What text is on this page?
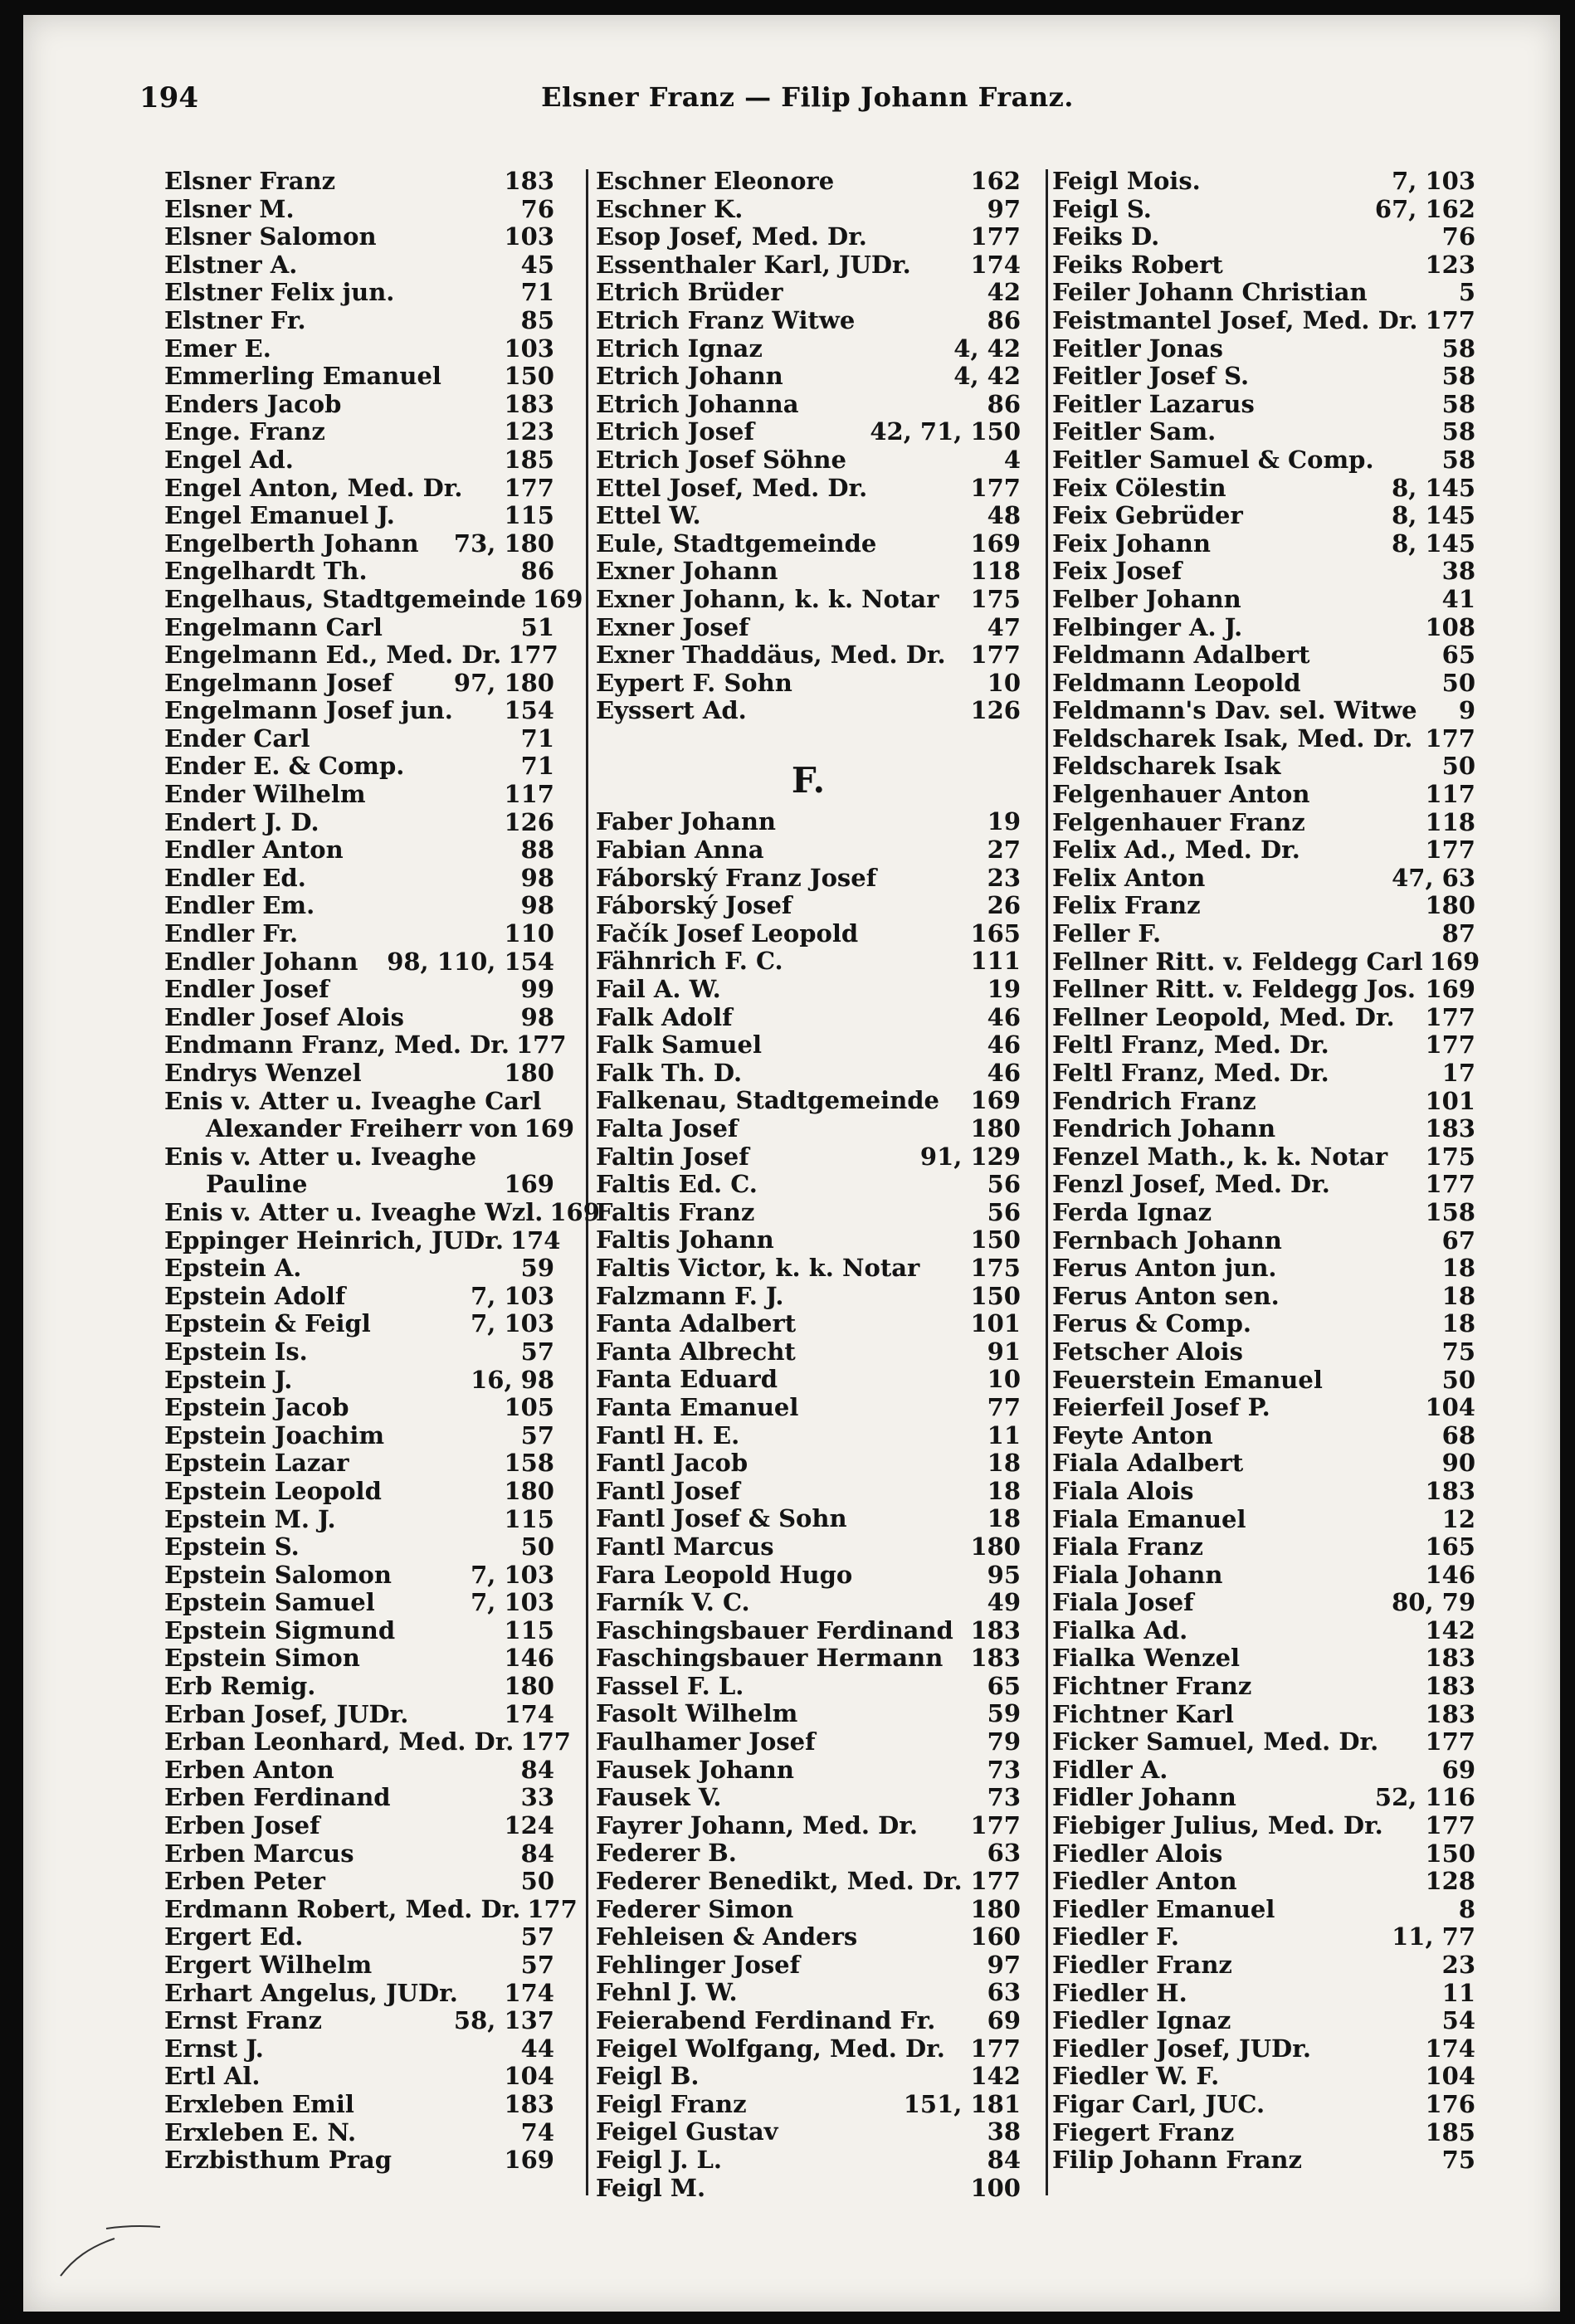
194	Elsner Franz — Filip Johann Franz.
Elsner Franz	183
Elsner M.	76
Elsner Salomon	103
Elstner A.	45
Elstner Felix jun.	71
Elstner Fr.	85
Emer E.	103
Emmerling Emanuel	150
Enders Jacob	183
Enge. Franz	123
Engel Ad.	185
Engel Anton, Med. Dr.	177
Engel Emanuel J.	115
Engelberth Johann	73, 180
Engelhardt Th.	86
Engelhaus, Stadtgemeinde 169
Engelmann Carl	51
Engelmann Ed., Med. Dr. 177
Engelmann Josef	97, 180
Engelmann Josef jun.	154
Ender Carl	71
Ender E. & Comp.	71
Ender Wilhelm	117
Endert J. D.	126
Endler Anton	88
Endler Ed.	98
Endler Em.	98
Endler Fr.	110
Endler Johann	98, 110, 154
Endler Josef	99
Endler Josef Alois	98
Endmann Franz, Med. Dr. 177
Endrys Wenzel	180
Enis v. Atter u. Iveaghe Carl
Alexander Freiherr von 169
Enis v. Atter u. Iveaghe
Pauline	169
Enis v. Atter u. Iveaghe Wzl. 169
Eppinger Heinrich, JUDr. 174
Epstein A.	59
Epstein Adolf	7, 103
Epstein & Feigl	7, 103
Epstein Is.	57
Epstein J.	16, 98
Epstein Jacob	105
Epstein Joachim	57
Epstein Lazar	158
Epstein Leopold	180
Epstein M. J.	115
Epstein S.	50
Epstein Salomon	7, 103
Epstein Samuel	7, 103
Epstein Sigmund	115
Epstein Simon	146
Erb Remig.	180
Erban Josef, JUDr.	174
Erban Leonhard, Med. Dr. 177
Erben Anton	84
Erben Ferdinand	33
Erben Josef	124
Erben Marcus	84
Erben Peter	50
Erdmann Robert, Med. Dr. 177
Ergert Ed.	57
Ergert Wilhelm	57
Erhart Angelus, JUDr.	174
Ernst Franz	58, 137
Ernst J.	44
Ertl Al.	104
Erxleben Emil	183
Erxleben E. N.	74
Erzbisthum Prag	169
Eschner Eleonore	162
Eschner K.	97
Esop Josef, Med. Dr.	177
Essenthaler Karl, JUDr.	174
Etrich Brüder	42
Etrich Franz Witwe	86
Etrich Ignaz	4, 42
Etrich Johann	4, 42
Etrich Johanna	86
Etrich Josef	42, 71, 150
Etrich Josef Söhne	4
Ettel Josef, Med. Dr.	177
Ettel W.	48
Eule, Stadtgemeinde	169
Exner Johann	118
Exner Johann, k. k. Notar	175
Exner Josef	47
Exner Thaddäus, Med. Dr.	177
Eypert F. Sohn	10
Eyssert Ad.	126
F.
Faber Johann	19
Fabian Anna	27
Fáborský Franz Josef	23
Fáborský Josef	26
Fačík Josef Leopold	165
Fähnrich F. C.	111
Fail A. W.	19
Falk Adolf	46
Falk Samuel	46
Falk Th. D.	46
Falkenau, Stadtgemeinde	169
Falta Josef	180
Faltin Josef	91, 129
Faltis Ed. C.	56
Faltis Franz	56
Faltis Johann	150
Faltis Victor, k. k. Notar	175
Falzmann F. J.	150
Fanta Adalbert	101
Fanta Albrecht	91
Fanta Eduard	10
Fanta Emanuel	77
Fantl H. E.	11
Fantl Jacob	18
Fantl Josef	18
Fantl Josef & Sohn	18
Fantl Marcus	180
Fara Leopold Hugo	95
Farník V. C.	49
Faschingsbauer Ferdinand 183
Faschingsbauer Hermann	183
Fassel F. L.	65
Fasolt Wilhelm	59
Faulhamer Josef	79
Fausek Johann	73
Fausek V.	73
Fayrer Johann, Med. Dr.	177
Federer B.	63
Federer Benedikt, Med. Dr. 177
Federer Simon	180
Fehleisen & Anders	160
Fehlinger Josef	97
Fehnl J. W.	63
Feierabend Ferdinand Fr.	69
Feigel Wolfgang, Med. Dr.	177
Feigl B.	142
Feigl Franz	151, 181
Feigel Gustav	38
Feigl J. L.	84
Feigl M.	100
Feigl Mois.	7, 103
Feigl S.	67, 162
Feiks D.	76
Feiks Robert	123
Feiler Johann Christian	5
Feistmantel Josef, Med. Dr. 177
Feitler Jonas	58
Feitler Josef S.	58
Feitler Lazarus	58
Feitler Sam.	58
Feitler Samuel & Comp.	58
Feix Cölestin	8, 145
Feix Gebrüder	8, 145
Feix Johann	8, 145
Feix Josef	38
Felber Johann	41
Felbinger A. J.	108
Feldmann Adalbert	65
Feldmann Leopold	50
Feldmann's Dav. sel. Witwe	9
Feldscharek Isak, Med. Dr. 177
Feldscharek Isak	50
Felgenhauer Anton	117
Felgenhauer Franz	118
Felix Ad., Med. Dr.	177
Felix Anton	47, 63
Felix Franz	180
Feller F.	87
Fellner Ritt. v. Feldegg Carl 169
Fellner Ritt. v. Feldegg Jos. 169
Fellner Leopold, Med. Dr.	177
Feltl Franz, Med. Dr.	177
Feltl Franz, Med. Dr.	17
Fendrich Franz	101
Fendrich Johann	183
Fenzel Math., k. k. Notar	175
Fenzl Josef, Med. Dr.	177
Ferda Ignaz	158
Fernbach Johann	67
Ferus Anton jun.	18
Ferus Anton sen.	18
Ferus & Comp.	18
Fetscher Alois	75
Feuerstein Emanuel	50
Feierfeil Josef P.	104
Feyte Anton	68
Fiala Adalbert	90
Fiala Alois	183
Fiala Emanuel	12
Fiala Franz	165
Fiala Johann	146
Fiala Josef	80, 79
Fialka Ad.	142
Fialka Wenzel	183
Fichtner Franz	183
Fichtner Karl	183
Ficker Samuel, Med. Dr.	177
Fidler A.	69
Fidler Johann	52, 116
Fiebiger Julius, Med. Dr.	177
Fiedler Alois	150
Fiedler Anton	128
Fiedler Emanuel	8
Fiedler F.	11, 77
Fiedler Franz	23
Fiedler H.	11
Fiedler Ignaz	54
Fiedler Josef, JUDr.	174
Fiedler W. F.	104
Figar Carl, JUC.	176
Fiegert Franz	185
Filip Johann Franz	75
